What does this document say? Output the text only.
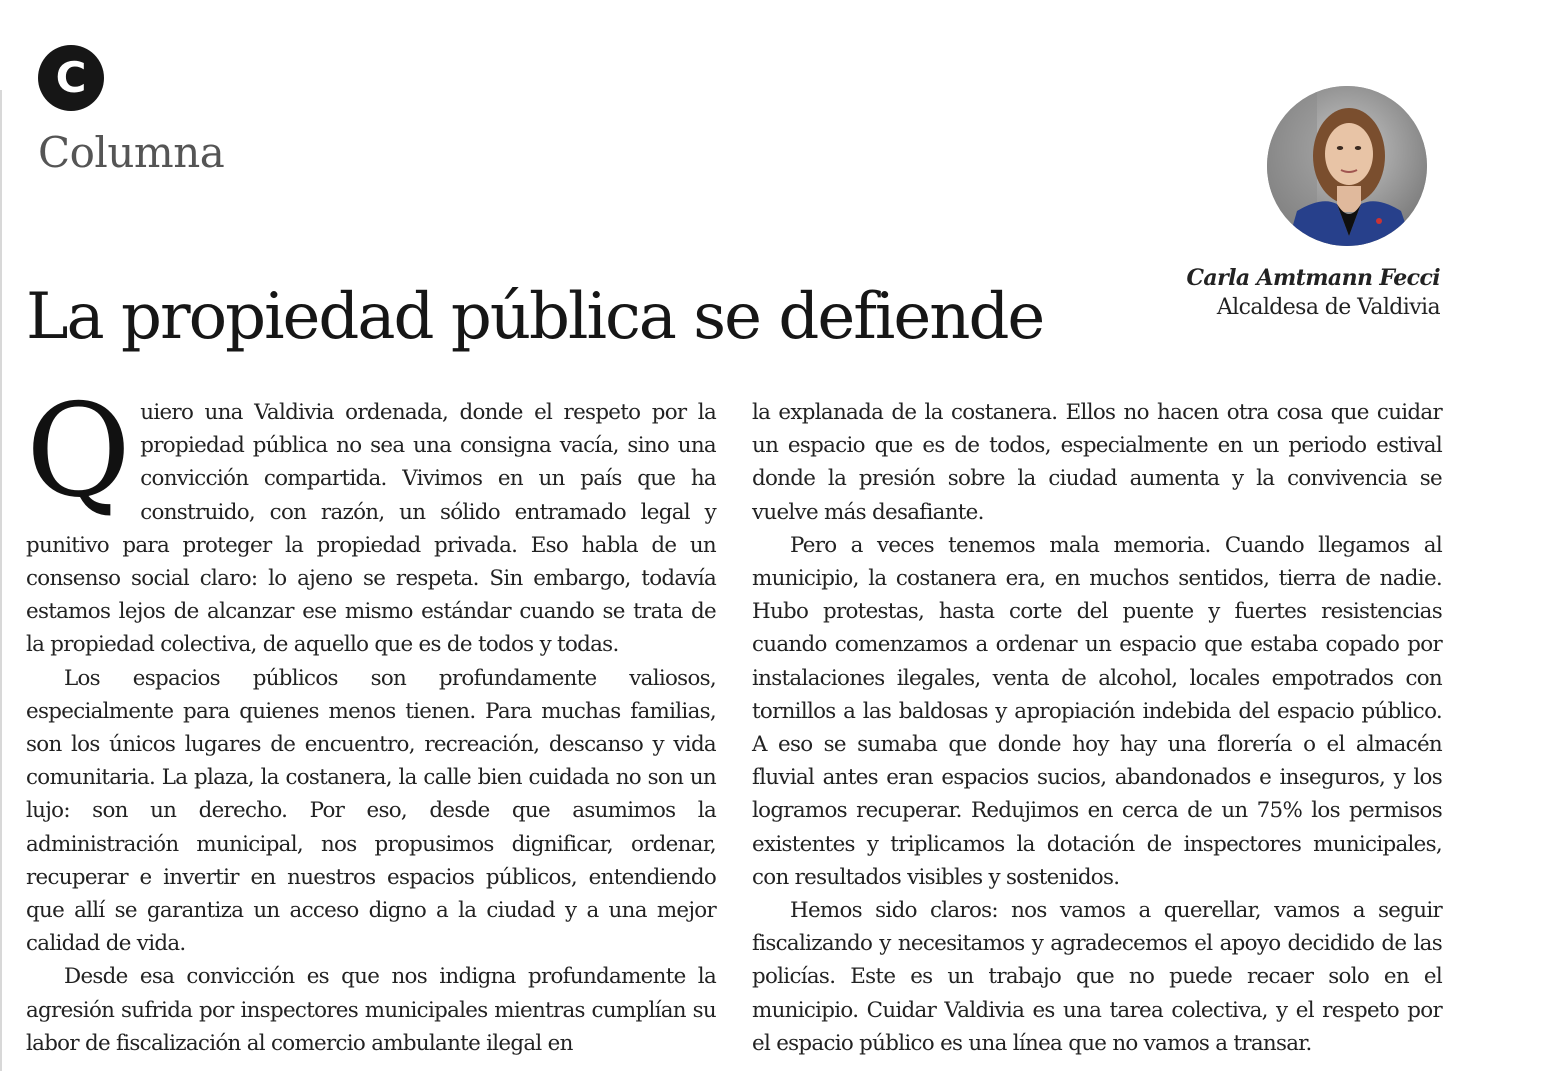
C
Columna
Carla Amtmann Fecci
Alcaldesa de Valdivia
La propiedad pública se defiende

Quiero una Valdivia ordenada, donde el respeto por la propiedad pública no sea una consigna vacía, sino una convicción compartida. Vivimos en un país que ha construido, con razón, un sólido entramado legal y punitivo para proteger la propiedad privada. Eso habla de un consenso social claro: lo ajeno se respeta. Sin embargo, todavía estamos lejos de alcanzar ese mismo estándar cuando se trata de la propiedad colectiva, de aquello que es de todos y todas.

Los espacios públicos son profundamente valiosos, especialmente para quienes menos tienen. Para muchas familias, son los únicos lugares de encuentro, recreación, descanso y vida comunitaria. La plaza, la costanera, la calle bien cuidada no son un lujo: son un derecho. Por eso, desde que asumimos la administración municipal, nos propusimos dignificar, ordenar, recuperar e invertir en nuestros espacios públicos, entendiendo que allí se garantiza un acceso digno a la ciudad y a una mejor calidad de vida.

Desde esa convicción es que nos indigna profundamente la agresión sufrida por inspectores municipales mientras cumplían su labor de fiscalización al comercio ambulante ilegal en

la explanada de la costanera. Ellos no hacen otra cosa que cuidar un espacio que es de todos, especialmente en un periodo estival donde la presión sobre la ciudad aumenta y la convivencia se vuelve más desafiante.

Pero a veces tenemos mala memoria. Cuando llegamos al municipio, la costanera era, en muchos sentidos, tierra de nadie. Hubo protestas, hasta corte del puente y fuertes resistencias cuando comenzamos a ordenar un espacio que estaba copado por instalaciones ilegales, venta de alcohol, locales empotrados con tornillos a las baldosas y apropiación indebida del espacio público. A eso se sumaba que donde hoy hay una florería o el almacén fluvial antes eran espacios sucios, abandonados e inseguros, y los logramos recuperar. Redujimos en cerca de un 75% los permisos existentes y triplicamos la dotación de inspectores municipales, con resultados visibles y sostenidos.

Hemos sido claros: nos vamos a querellar, vamos a seguir fiscalizando y necesitamos y agradecemos el apoyo decidido de las policías. Este es un trabajo que no puede recaer solo en el municipio. Cuidar Valdivia es una tarea colectiva, y el respeto por el espacio público es una línea que no vamos a transar.
